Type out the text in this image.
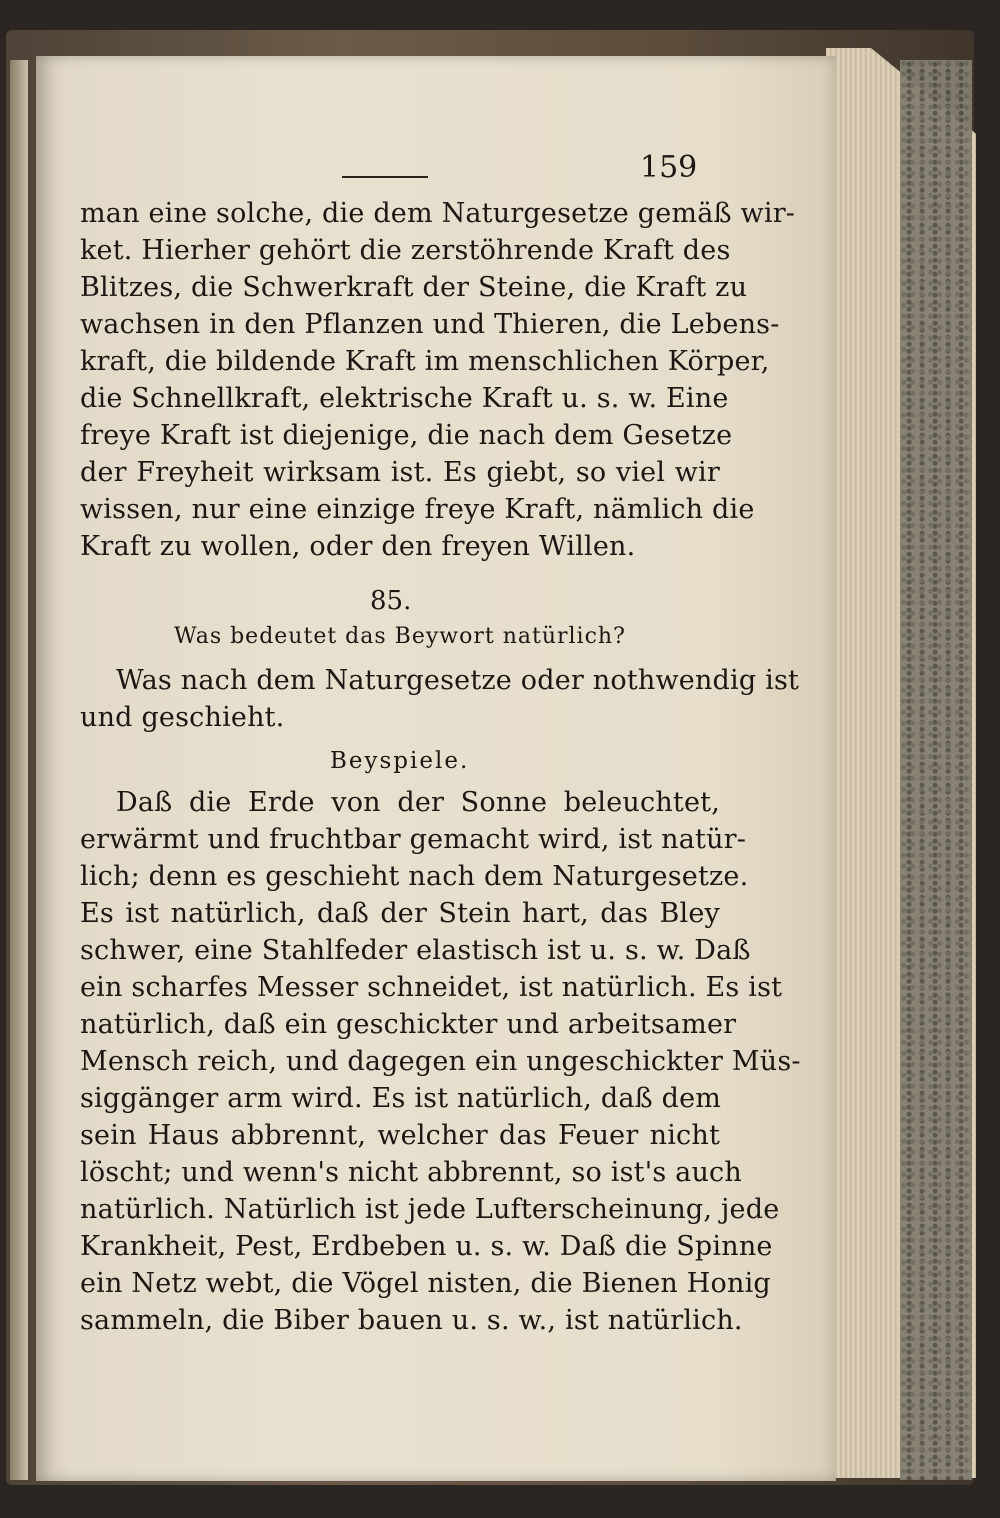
159
man eine solche, die dem Naturgesetze gemäß wir-
ket. Hierher gehört die zerstöhrende Kraft des
Blitzes, die Schwerkraft der Steine, die Kraft zu
wachsen in den Pflanzen und Thieren, die Lebens-
kraft, die bildende Kraft im menschlichen Körper,
die Schnellkraft, elektrische Kraft u. s. w. Eine
freye Kraft ist diejenige, die nach dem Gesetze
der Freyheit wirksam ist. Es giebt, so viel wir
wissen, nur eine einzige freye Kraft, nämlich die
Kraft zu wollen, oder den freyen Willen.
85.
Was bedeutet das Beywort natürlich?
Was nach dem Naturgesetze oder nothwendig ist
und geschieht.
Beyspiele.
Daß die Erde von der Sonne beleuchtet,
erwärmt und fruchtbar gemacht wird, ist natür-
lich; denn es geschieht nach dem Naturgesetze.
Es ist natürlich, daß der Stein hart, das Bley
schwer, eine Stahlfeder elastisch ist u. s. w. Daß
ein scharfes Messer schneidet, ist natürlich. Es ist
natürlich, daß ein geschickter und arbeitsamer
Mensch reich, und dagegen ein ungeschickter Müs-
siggänger arm wird. Es ist natürlich, daß dem
sein Haus abbrennt, welcher das Feuer nicht
löscht; und wenn's nicht abbrennt, so ist's auch
natürlich. Natürlich ist jede Lufterscheinung, jede
Krankheit, Pest, Erdbeben u. s. w. Daß die Spinne
ein Netz webt, die Vögel nisten, die Bienen Honig
sammeln, die Biber bauen u. s. w., ist natürlich.
